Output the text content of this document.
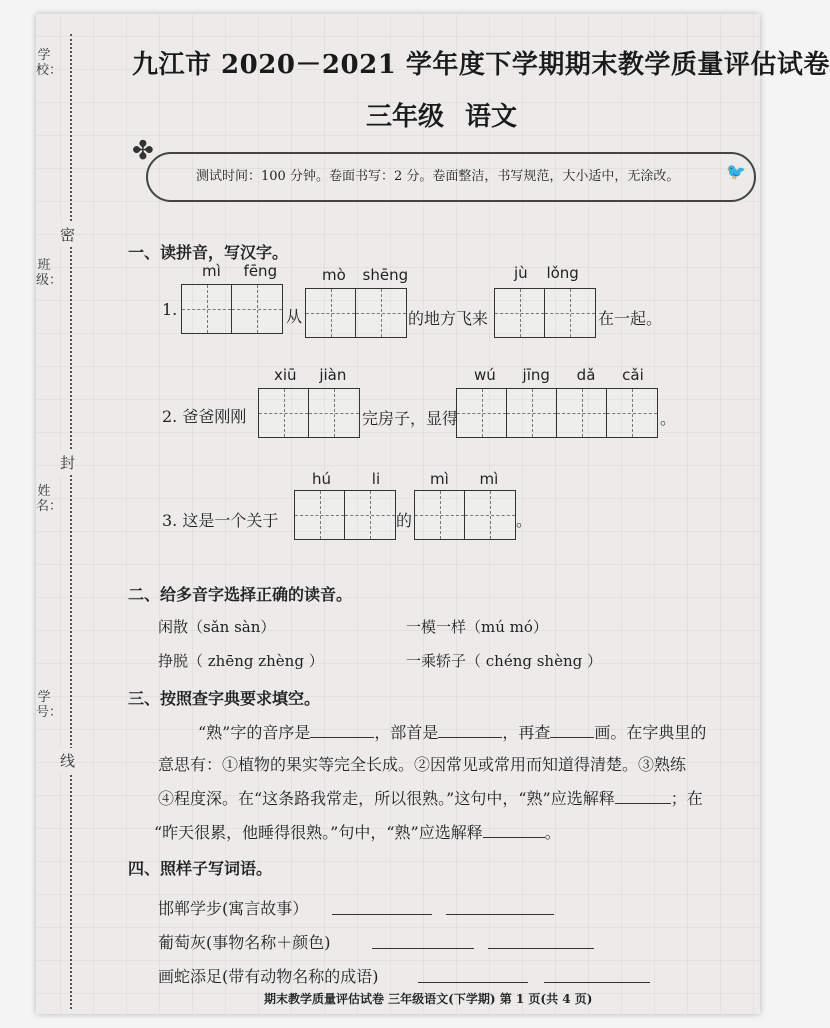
学校：
班级：
姓名：
学号：
密
封
线
九江市 2020－2021 学年度下学期期末教学质量评估试卷
三年级 语文
✤
🐦
测试时间：100 分钟。卷面书写：2 分。卷面整洁，书写规范，大小适中，无涂改。
一、读拼音，写汉字。
mì fēng	mò shēng	jù lǒng
1.	从	的地方飞来	在一起。
xiū jiàn	wú jīng dǎ cǎi
2. 爸爸刚刚	完房子，显得	。
hú li	mì mì
3. 这是一个关于	的	。
二、给多音字选择正确的读音。
闲散（sǎn sàn）	一模一样（mú mó）
挣脱（ zhēng zhèng ）	一乘轿子（ chéng shèng ）
三、按照查字典要求填空。
“熟”字的音序是	，部首是	，再查	画。在字典里的
意思有：①植物的果实等完全长成。②因常见或常用而知道得清楚。③熟练
④程度深。在“这条路我常走，所以很熟。”这句中，“熟”应选解释	；在
“昨天很累，他睡得很熟。”句中，“熟”应选解释	。
四、照样子写词语。
邯郸学步(寓言故事）
葡萄灰(事物名称＋颜色)
画蛇添足(带有动物名称的成语)
期末教学质量评估试卷 三年级语文(下学期) 第 1 页(共 4 页)
